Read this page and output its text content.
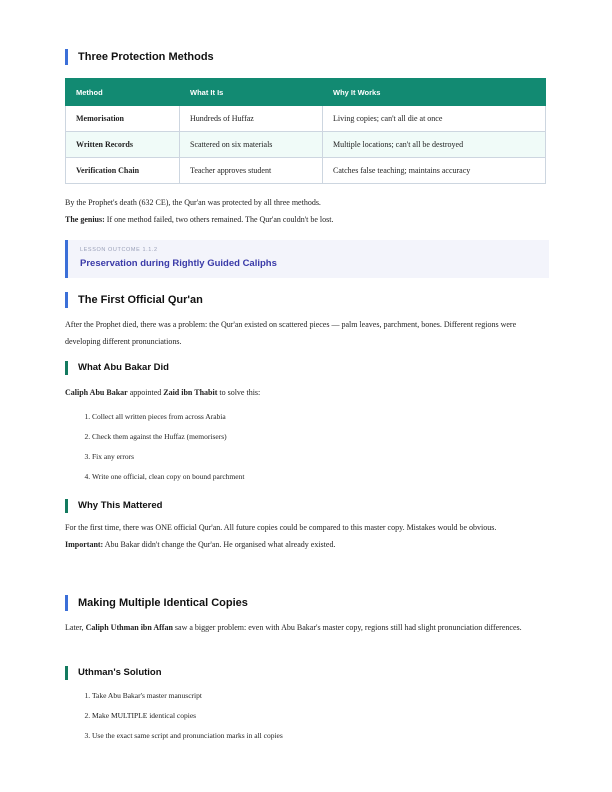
Three Protection Methods
Method	What It Is	Why It Works
Memorisation	Hundreds of Huffaz	Living copies; can't all die at once
Written Records	Scattered on six materials	Multiple locations; can't all be destroyed
Verification Chain	Teacher approves student	Catches false teaching; maintains accuracy
By the Prophet's death (632 CE), the Qur'an was protected by all three methods.
The genius: If one method failed, two others remained. The Qur'an couldn't be lost.
LESSON OUTCOME 1.1.2
Preservation during Rightly Guided Caliphs
The First Official Qur'an
After the Prophet died, there was a problem: the Qur'an existed on scattered pieces — palm leaves, parchment, bones. Different regions were developing different pronunciations.
What Abu Bakar Did
Caliph Abu Bakar appointed Zaid ibn Thabit to solve this:
1. Collect all written pieces from across Arabia
2. Check them against the Huffaz (memorisers)
3. Fix any errors
4. Write one official, clean copy on bound parchment
Why This Mattered
For the first time, there was ONE official Qur'an. All future copies could be compared to this master copy. Mistakes would be obvious.
Important: Abu Bakar didn't change the Qur'an. He organised what already existed.
Making Multiple Identical Copies
Later, Caliph Uthman ibn Affan saw a bigger problem: even with Abu Bakar's master copy, regions still had slight pronunciation differences.
Uthman's Solution
1. Take Abu Bakar's master manuscript
2. Make MULTIPLE identical copies
3. Use the exact same script and pronunciation marks in all copies
